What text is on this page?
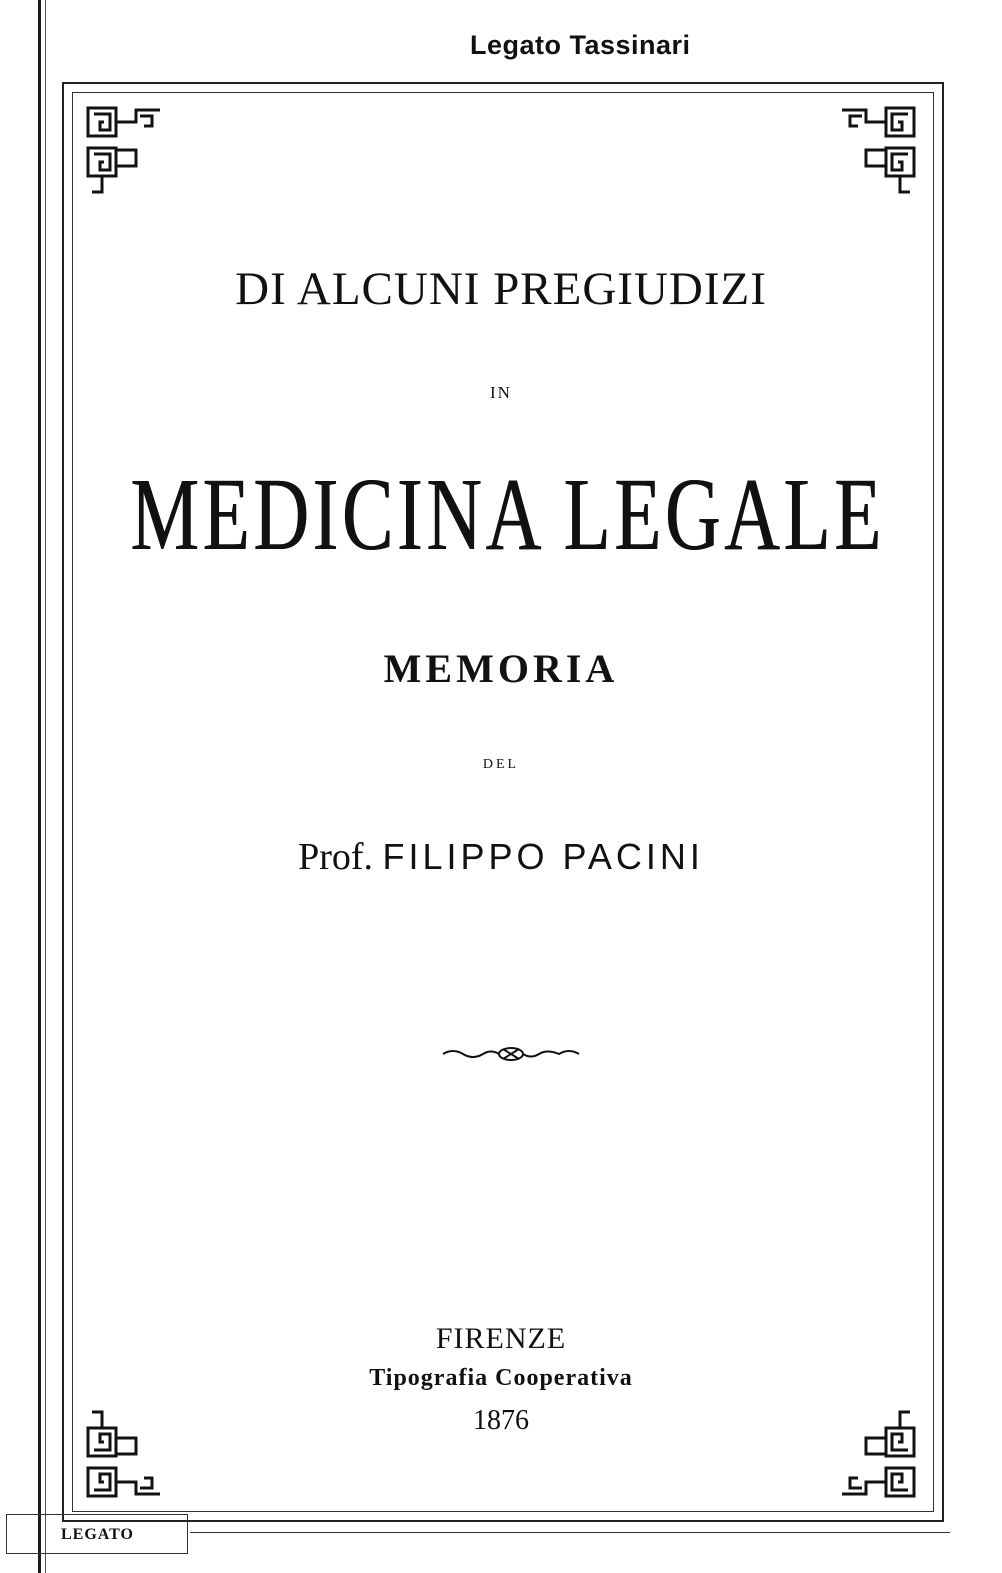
Legato Tassinari
DI ALCUNI PREGIUDIZI
IN
MEDICINA LEGALE
MEMORIA
DEL
Prof. FILIPPO PACINI
FIRENZE
Tipografia Cooperativa
1876
LEGATO
